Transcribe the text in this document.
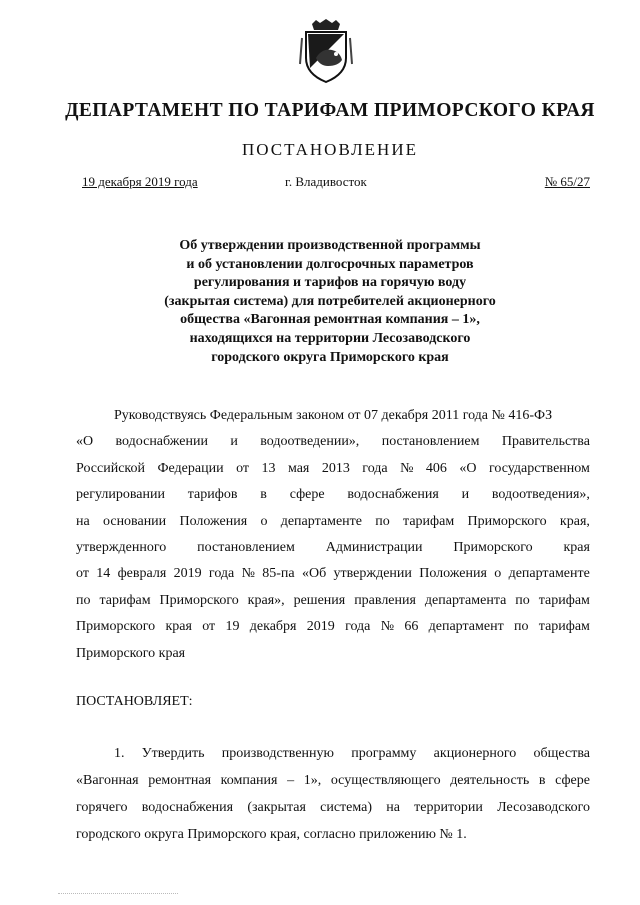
ДЕПАРТАМЕНТ ПО ТАРИФАМ ПРИМОРСКОГО КРАЯ
ПОСТАНОВЛЕНИЕ
19 декабря 2019 года	г. Владивосток	№ 65/27
Об утверждении производственной программы
и об установлении долгосрочных параметров
регулирования и тарифов на горячую воду
(закрытая система) для потребителей акционерного
общества «Вагонная ремонтная компания – 1»,
находящихся на территории Лесозаводского
городского округа Приморского края
Руководствуясь Федеральным законом от 07 декабря 2011 года № 416-ФЗ
«О водоснабжении и водоотведении», постановлением Правительства
Российской Федерации от 13 мая 2013 года № 406 «О государственном
регулировании тарифов в сфере водоснабжения и водоотведения»,
на основании Положения о департаменте по тарифам Приморского края,
утвержденного постановлением Администрации Приморского края
от 14 февраля 2019 года № 85-па «Об утверждении Положения о департаменте
по тарифам Приморского края», решения правления департамента по тарифам
Приморского края от 19 декабря 2019 года № 66 департамент по тарифам
Приморского края
ПОСТАНОВЛЯЕТ:
1. Утвердить производственную программу акционерного общества
«Вагонная ремонтная компания – 1», осуществляющего деятельность в сфере
горячего водоснабжения (закрытая система) на территории Лесозаводского
городского округа Приморского края, согласно приложению № 1.
